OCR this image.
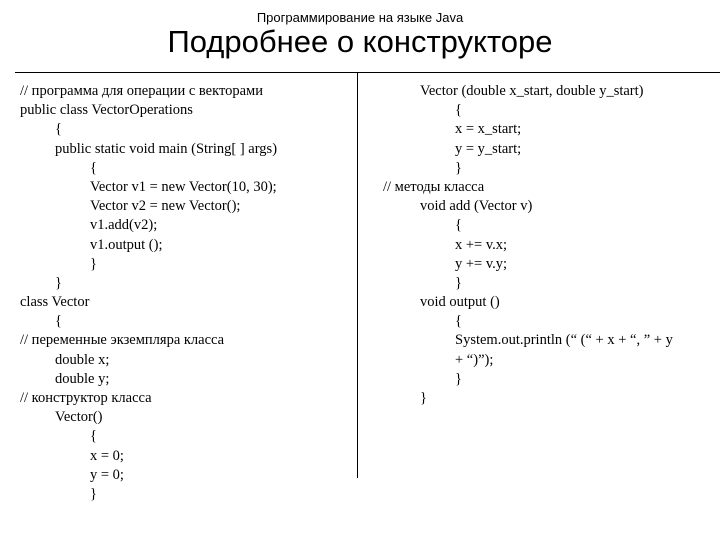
Программирование на языке Java
Подробнее о конструкторе
// программа для операции с векторами
public class VectorOperations
{
public static void main (String[ ] args)
{
Vector v1 = new Vector(10, 30);
Vector v2 = new Vector();
v1.add(v2);
v1.output ();
}
}
class Vector
{
// переменные экземпляра класса
double x;
double y;
// конструктор класса
Vector()
{
x = 0;
y = 0;
}
Vector (double x_start, double y_start)
{
x = x_start;
y = y_start;
}
// методы класса
void add (Vector v)
{
x += v.x;
y += v.y;
}
void output ()
{
System.out.println (“ (“ + x + “, ” + y
+ “)”);
}
}
